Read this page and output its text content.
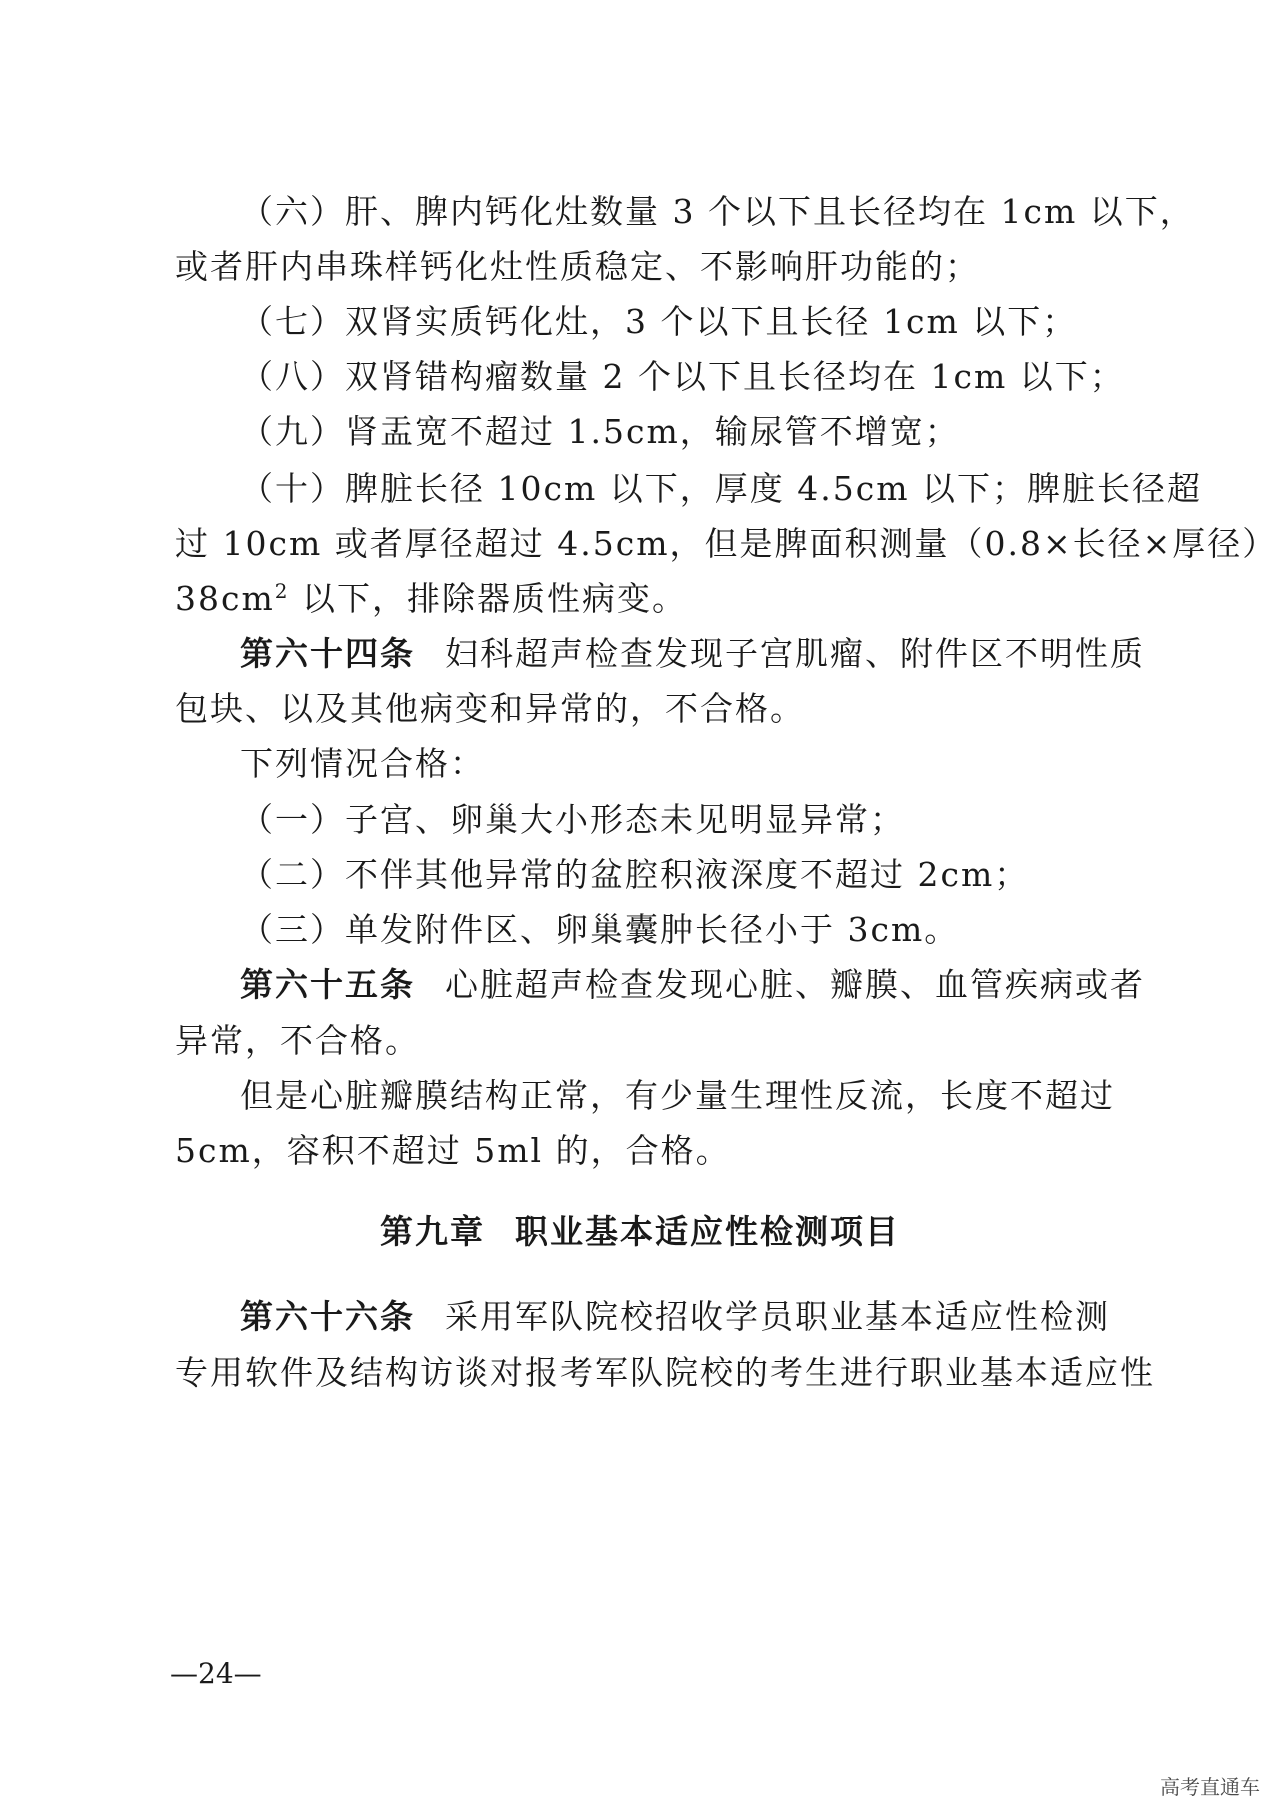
（六）肝、脾内钙化灶数量 3 个以下且长径均在 1cm 以下，
或者肝内串珠样钙化灶性质稳定、不影响肝功能的；
（七）双肾实质钙化灶，3 个以下且长径 1cm 以下；
（八）双肾错构瘤数量 2 个以下且长径均在 1cm 以下；
（九）肾盂宽不超过 1.5cm，输尿管不增宽；
（十）脾脏长径 10cm 以下，厚度 4.5cm 以下；脾脏长径超
过 10cm 或者厚径超过 4.5cm，但是脾面积测量（0.8×长径×厚径）
$38cm^2$ 以下，排除器质性病变。
第六十四条 妇科超声检查发现子宫肌瘤、附件区不明性质
包块、以及其他病变和异常的，不合格。
下列情况合格：
（一）子宫、卵巢大小形态未见明显异常；
（二）不伴其他异常的盆腔积液深度不超过 2cm；
（三）单发附件区、卵巢囊肿长径小于 3cm。
第六十五条 心脏超声检查发现心脏、瓣膜、血管疾病或者
异常，不合格。
但是心脏瓣膜结构正常，有少量生理性反流，长度不超过
5cm，容积不超过 5ml 的，合格。
第九章 职业基本适应性检测项目
第六十六条 采用军队院校招收学员职业基本适应性检测
专用软件及结构访谈对报考军队院校的考生进行职业基本适应性
—24—
高考直通车
